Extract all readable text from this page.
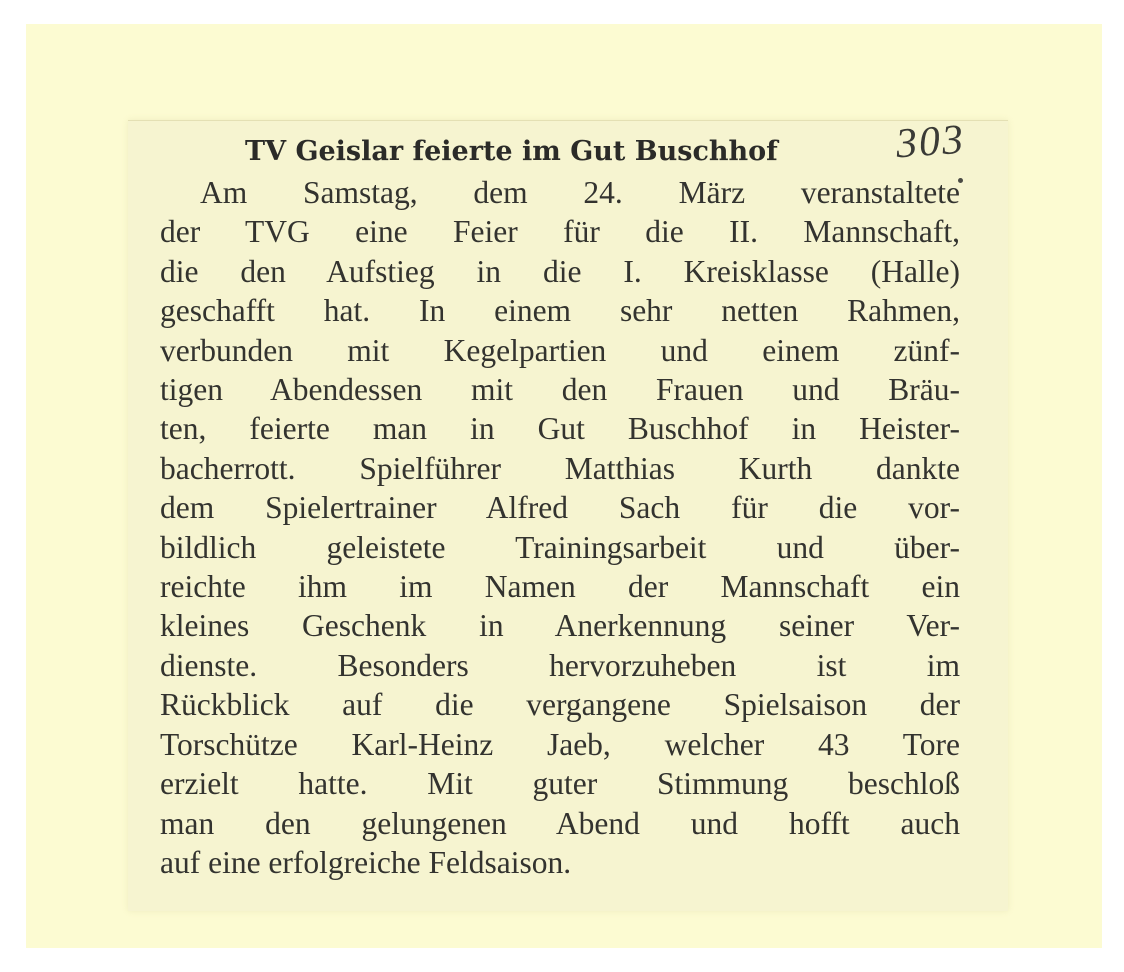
TV Geislar feierte im Gut Buschhof	303
Am Samstag, dem 24. März veranstaltete
der TVG eine Feier für die II. Mannschaft,
die den Aufstieg in die I. Kreisklasse (Halle)
geschafft hat. In einem sehr netten Rahmen,
verbunden mit Kegelpartien und einem zünf-
tigen Abendessen mit den Frauen und Bräu-
ten, feierte man in Gut Buschhof in Heister-
bacherrott. Spielführer Matthias Kurth dankte
dem Spielertrainer Alfred Sach für die vor-
bildlich geleistete Trainingsarbeit und über-
reichte ihm im Namen der Mannschaft ein
kleines Geschenk in Anerkennung seiner Ver-
dienste. Besonders hervorzuheben ist im
Rückblick auf die vergangene Spielsaison der
Torschütze Karl-Heinz Jaeb, welcher 43 Tore
erzielt hatte. Mit guter Stimmung beschloß
man den gelungenen Abend und hofft auch
auf eine erfolgreiche Feldsaison.
